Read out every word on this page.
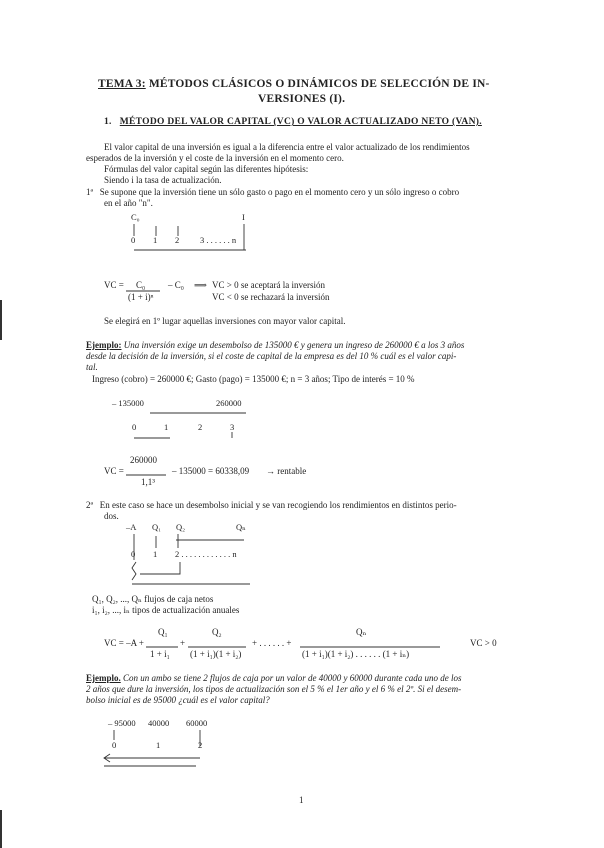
TEMA 3: MÉTODOS CLÁSICOS O DINÁMICOS DE SELECCIÓN DE IN-
VERSIONES (I).
1. MÉTODO DEL VALOR CAPITAL (VC) O VALOR ACTUALIZADO NETO (VAN).
El valor capital de una inversión es igual a la diferencia entre el valor actualizado de los rendimientos
esperados de la inversión y el coste de la inversión en el momento cero.
Fórmulas del valor capital según las diferentes hipótesis:
Siendo i la tasa de actualización.
1ª Se supone que la inversión tiene un sólo gasto o pago en el momento cero y un sólo ingreso o cobro
en el año "n".
C₀	I
0 1 2 3 . . . . . . n
VC = C₀
(1 + i)ⁿ
– C₀ ⟹ VC > 0 se aceptará la inversión
VC < 0 se rechazará la inversión
Se elegirá en 1º lugar aquellas inversiones con mayor valor capital.
Ejemplo: Una inversión exige un desembolso de 135000 € y genera un ingreso de 260000 € a los 3 años
desde la decisión de la inversión, si el coste de capital de la empresa es del 10 % cuál es el valor capi-
tal.
Ingreso (cobro) = 260000 €; Gasto (pago) = 135000 €; n = 3 años; Tipo de interés = 10 %
– 135000	260000
0	1	2	3
VC =
260000
1,1³
– 135000 = 60338,09 → rentable
2ª En este caso se hace un desembolso inicial y se van recogiendo los rendimientos en distintos perio-
dos.
–A Q₁ Q₂	Qₙ
0 1 2 . . . . . . . . . . . . n
Q₁, Q₂, ..., Qₙ flujos de caja netos
i₁, i₂, ..., iₙ tipos de actualización anuales
VC = –A +
Q₁
1 + i₁
+
Q₂
(1 + i₁)(1 + i₂)
+ . . . . . . +
Qₙ
(1 + i₁)(1 + i₂) . . . . . . (1 + iₙ)
VC > 0
Ejemplo. Con un ambo se tiene 2 flujos de caja por un valor de 40000 y 60000 durante cada uno de los
2 años que dure la inversión, los tipos de actualización son el 5 % el 1er año y el 6 % el 2º. Si el desem-
bolso inicial es de 95000 ¿cuál es el valor capital?
– 95000 40000 60000
0	1	2
1
